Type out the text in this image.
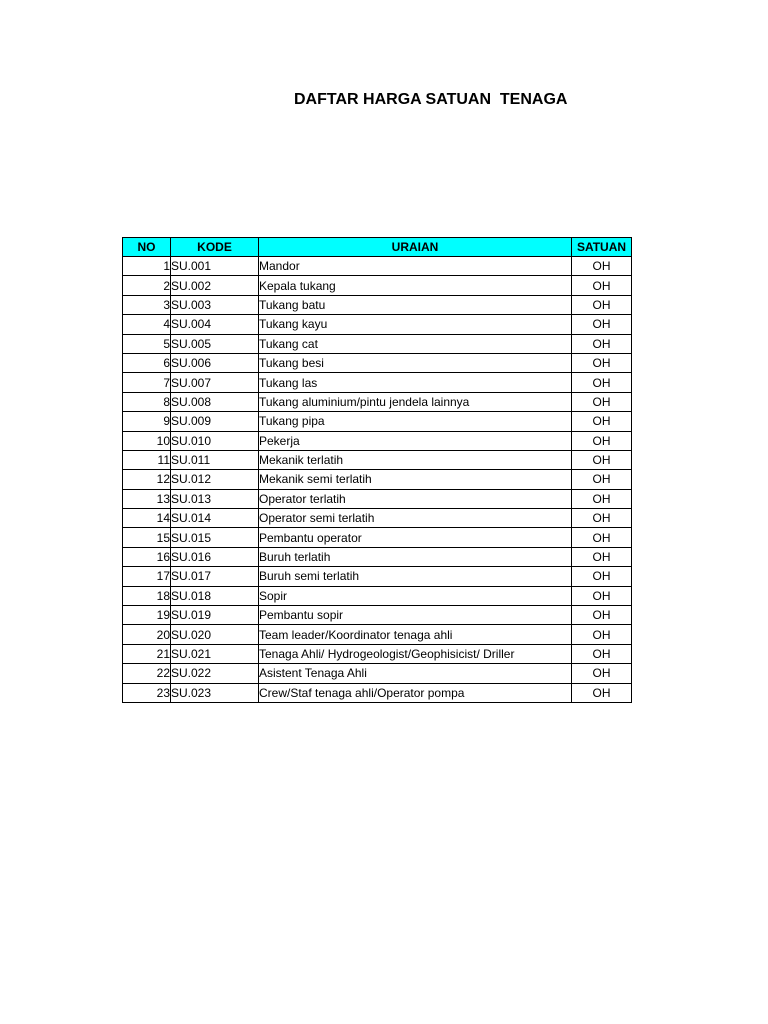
DAFTAR HARGA SATUAN  TENAGA
NO	KODE	URAIAN	SATUAN
1	SU.001	Mandor	OH
2	SU.002	Kepala tukang	OH
3	SU.003	Tukang batu	OH
4	SU.004	Tukang kayu	OH
5	SU.005	Tukang cat	OH
6	SU.006	Tukang besi	OH
7	SU.007	Tukang las	OH
8	SU.008	Tukang aluminium/pintu jendela lainnya	OH
9	SU.009	Tukang pipa	OH
10	SU.010	Pekerja	OH
11	SU.011	Mekanik terlatih	OH
12	SU.012	Mekanik semi terlatih	OH
13	SU.013	Operator terlatih	OH
14	SU.014	Operator semi terlatih	OH
15	SU.015	Pembantu operator	OH
16	SU.016	Buruh terlatih	OH
17	SU.017	Buruh semi terlatih	OH
18	SU.018	Sopir	OH
19	SU.019	Pembantu sopir	OH
20	SU.020	Team leader/Koordinator tenaga ahli	OH
21	SU.021	Tenaga Ahli/ Hydrogeologist/Geophisicist/ Driller	OH
22	SU.022	Asistent Tenaga Ahli	OH
23	SU.023	Crew/Staf tenaga ahli/Operator pompa	OH
